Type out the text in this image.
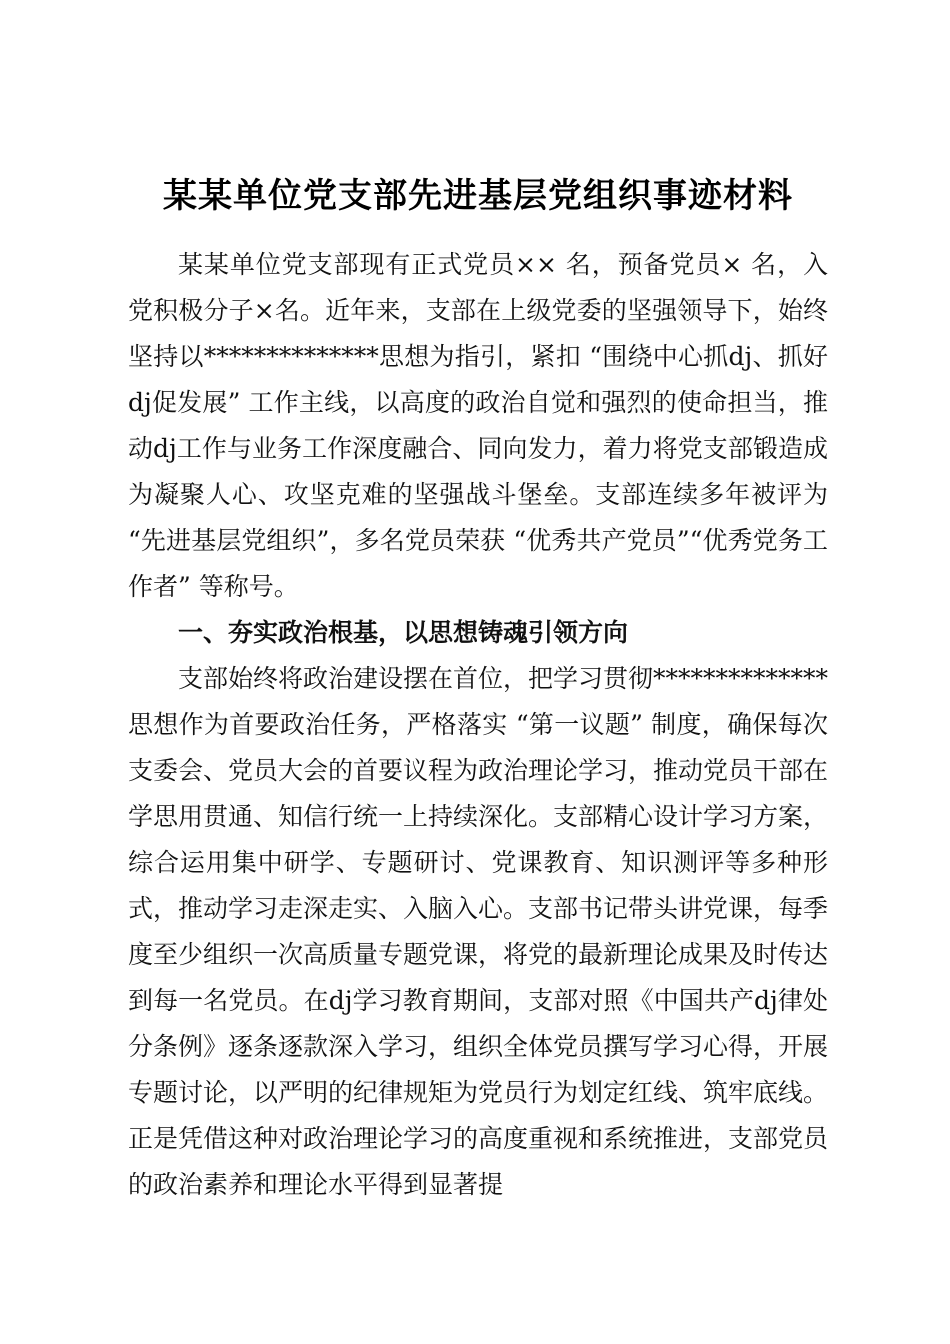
某某单位党支部先进基层党组织事迹材料

某某单位党支部现有正式党员×× 名，预备党员× 名，入党积极分子×名。近年来，支部在上级党委的坚强领导下，始终坚持以**************思想为指引，紧扣 “围绕中心抓dj、抓好dj促发展” 工作主线，以高度的政治自觉和强烈的使命担当，推动dj工作与业务工作深度融合、同向发力，着力将党支部锻造成为凝聚人心、攻坚克难的坚强战斗堡垒。支部连续多年被评为 “先进基层党组织”，多名党员荣获 “优秀共产党员”“优秀党务工作者” 等称号。

一、夯实政治根基，以思想铸魂引领方向

支部始终将政治建设摆在首位，把学习贯彻**************思想作为首要政治任务，严格落实 “第一议题” 制度，确保每次支委会、党员大会的首要议程为政治理论学习，推动党员干部在学思用贯通、知信行统一上持续深化。支部精心设计学习方案，综合运用集中研学、专题研讨、党课教育、知识测评等多种形式，推动学习走深走实、入脑入心。支部书记带头讲党课，每季度至少组织一次高质量专题党课，将党的最新理论成果及时传达到每一名党员。在dj学习教育期间，支部对照《中国共产dj律处分条例》逐条逐款深入学习，组织全体党员撰写学习心得，开展专题讨论，以严明的纪律规矩为党员行为划定红线、筑牢底线。正是凭借这种对政治理论学习的高度重视和系统推进，支部党员的政治素养和理论水平得到显著提
